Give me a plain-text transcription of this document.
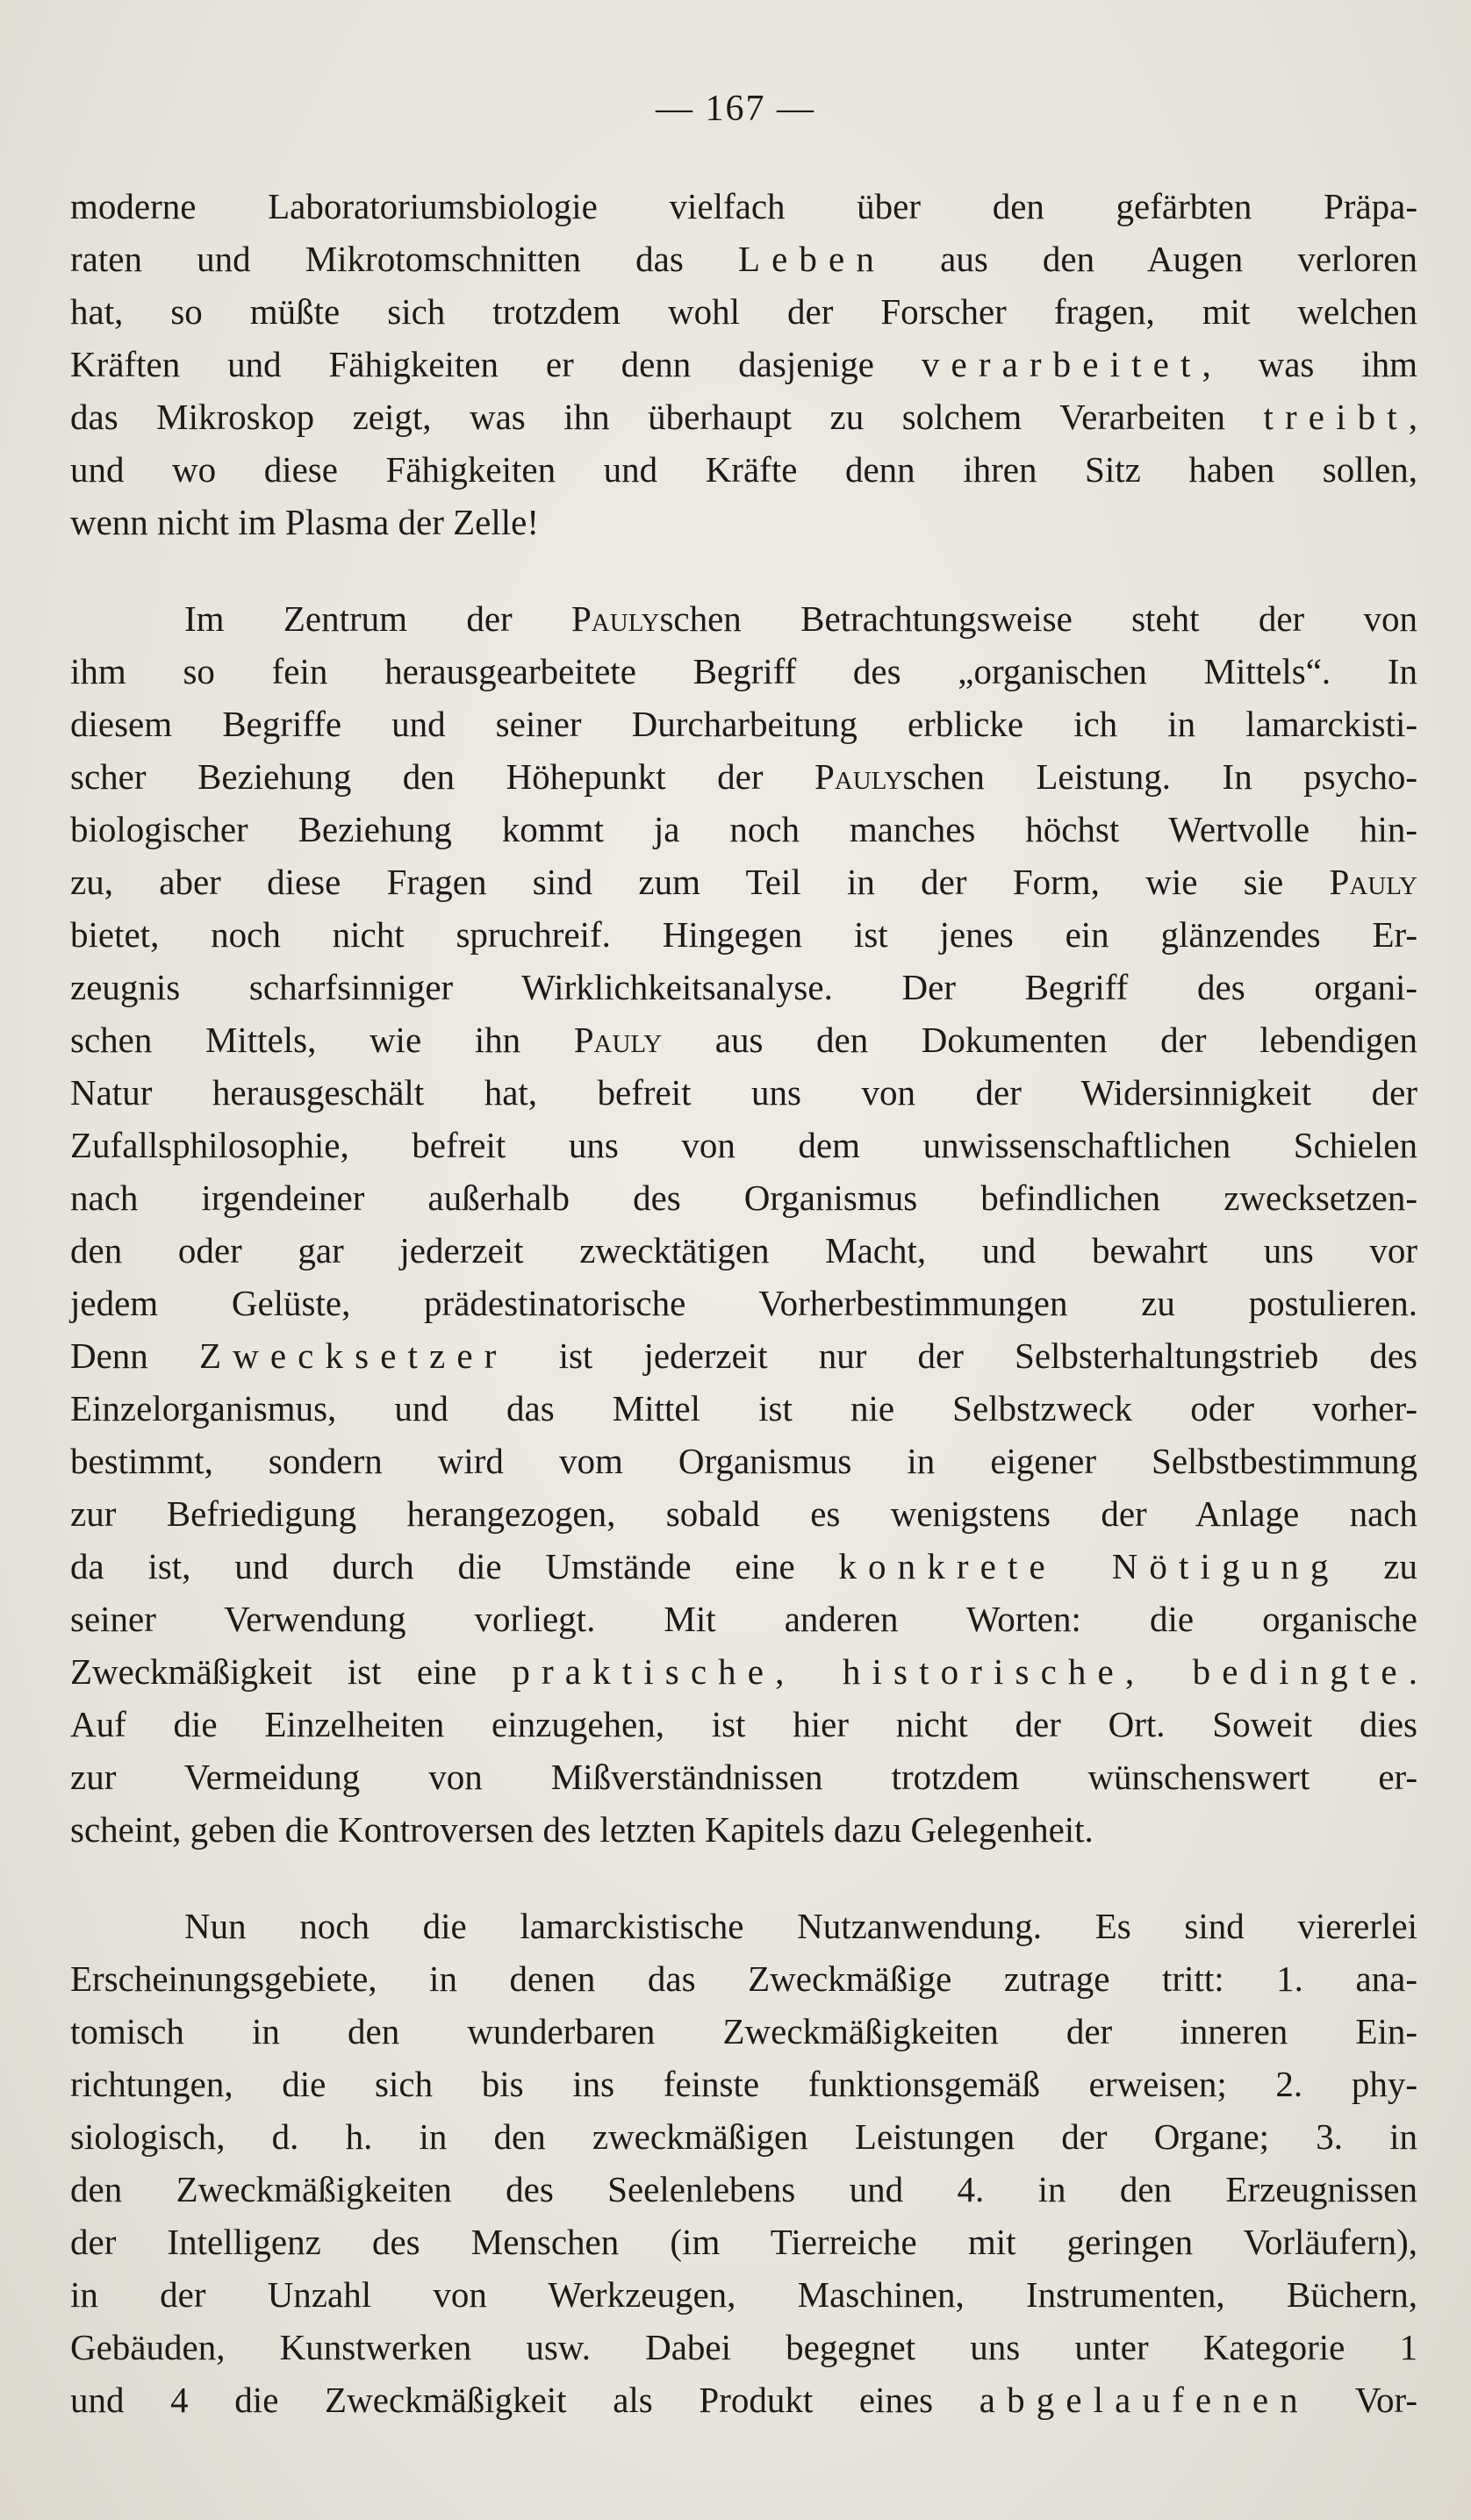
— 167 —
moderne Laboratoriumsbiologie vielfach über den gefärbten Präpa-
raten und Mikrotomschnitten das Leben aus den Augen verloren
hat, so müßte sich trotzdem wohl der Forscher fragen, mit welchen
Kräften und Fähigkeiten er denn dasjenige verarbeitet, was ihm
das Mikroskop zeigt, was ihn überhaupt zu solchem Verarbeiten treibt,
und wo diese Fähigkeiten und Kräfte denn ihren Sitz haben sollen,
wenn nicht im Plasma der Zelle!
Im Zentrum der Paulyschen Betrachtungsweise steht der von
ihm so fein herausgearbeitete Begriff des „organischen Mittels“. In
diesem Begriffe und seiner Durcharbeitung erblicke ich in lamarckisti-
scher Beziehung den Höhepunkt der Paulyschen Leistung. In psycho-
biologischer Beziehung kommt ja noch manches höchst Wertvolle hin-
zu, aber diese Fragen sind zum Teil in der Form, wie sie Pauly
bietet, noch nicht spruchreif. Hingegen ist jenes ein glänzendes Er-
zeugnis scharfsinniger Wirklichkeitsanalyse. Der Begriff des organi-
schen Mittels, wie ihn Pauly aus den Dokumenten der lebendigen
Natur herausgeschält hat, befreit uns von der Widersinnigkeit der
Zufallsphilosophie, befreit uns von dem unwissenschaftlichen Schielen
nach irgendeiner außerhalb des Organismus befindlichen zwecksetzen-
den oder gar jederzeit zwecktätigen Macht, und bewahrt uns vor
jedem Gelüste, prädestinatorische Vorherbestimmungen zu postulieren.
Denn Zwecksetzer ist jederzeit nur der Selbsterhaltungstrieb des
Einzelorganismus, und das Mittel ist nie Selbstzweck oder vorher-
bestimmt, sondern wird vom Organismus in eigener Selbstbestimmung
zur Befriedigung herangezogen, sobald es wenigstens der Anlage nach
da ist, und durch die Umstände eine konkrete Nötigung zu
seiner Verwendung vorliegt. Mit anderen Worten: die organische
Zweckmäßigkeit ist eine praktische, historische, bedingte.
Auf die Einzelheiten einzugehen, ist hier nicht der Ort. Soweit dies
zur Vermeidung von Mißverständnissen trotzdem wünschenswert er-
scheint, geben die Kontroversen des letzten Kapitels dazu Gelegenheit.
Nun noch die lamarckistische Nutzanwendung. Es sind viererlei
Erscheinungsgebiete, in denen das Zweckmäßige zutrage tritt: 1. ana-
tomisch in den wunderbaren Zweckmäßigkeiten der inneren Ein-
richtungen, die sich bis ins feinste funktionsgemäß erweisen; 2. phy-
siologisch, d. h. in den zweckmäßigen Leistungen der Organe; 3. in
den Zweckmäßigkeiten des Seelenlebens und 4. in den Erzeugnissen
der Intelligenz des Menschen (im Tierreiche mit geringen Vorläufern),
in der Unzahl von Werkzeugen, Maschinen, Instrumenten, Büchern,
Gebäuden, Kunstwerken usw. Dabei begegnet uns unter Kategorie 1
und 4 die Zweckmäßigkeit als Produkt eines abgelaufenen Vor-
